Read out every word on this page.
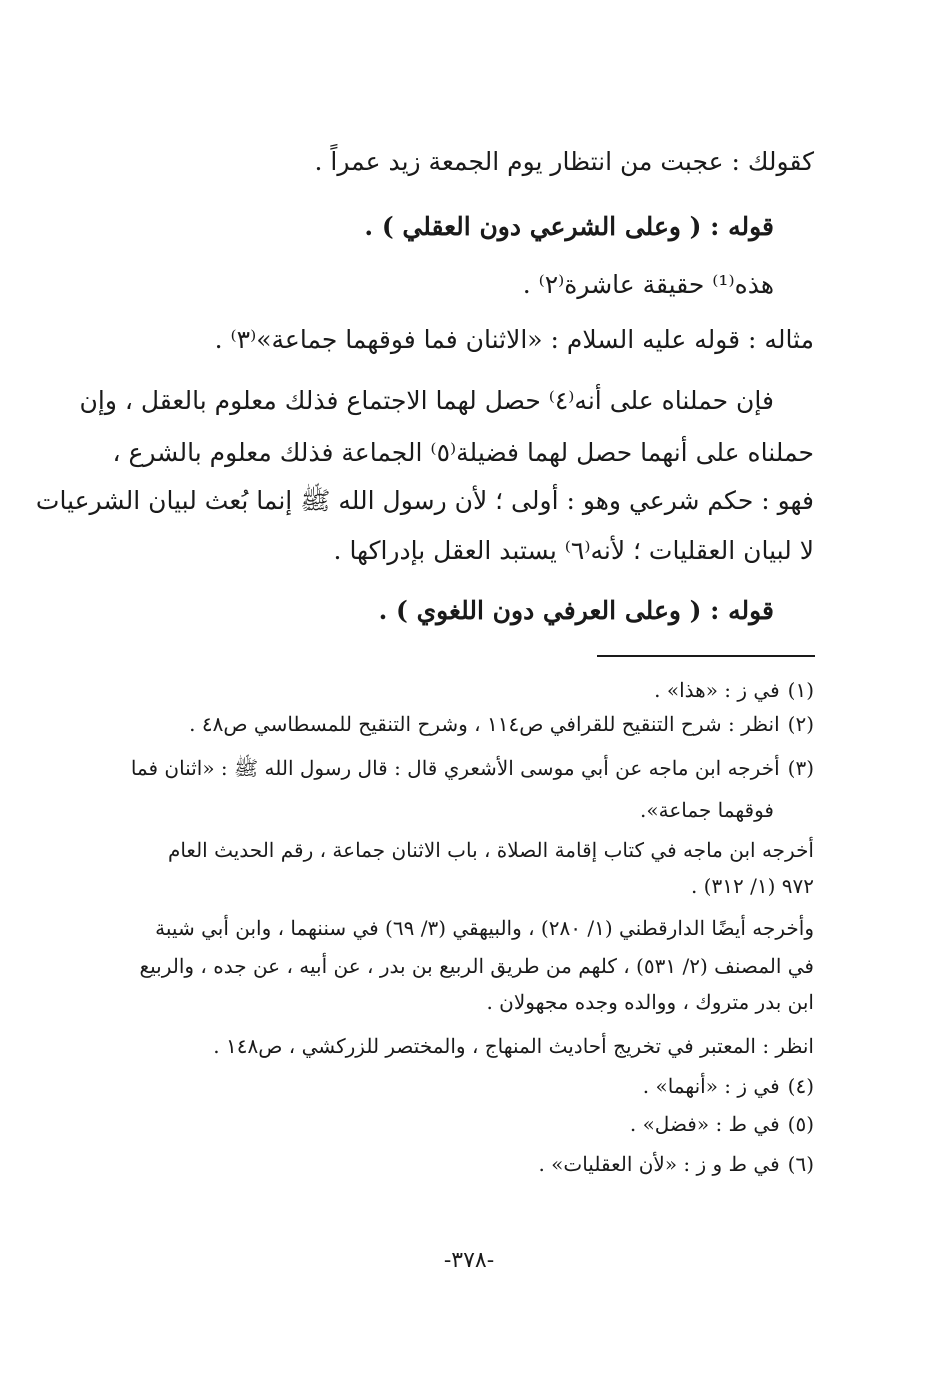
كقولك : عجبت من انتظار يوم الجمعة زيد عمراً .
قوله : ( وعلى الشرعي دون العقلي ) .
هذه⁽¹⁾ حقيقة عاشرة⁽٢⁾ .
مثاله : قوله عليه السلام : «الاثنان فما فوقهما جماعة»⁽٣⁾ .
فإن حملناه على أنه⁽٤⁾ حصل لهما الاجتماع فذلك معلوم بالعقل ، وإن
حملناه على أنهما حصل لهما فضيلة⁽٥⁾ الجماعة فذلك معلوم بالشرع ،
فهو : حكم شرعي وهو : أولى ؛ لأن رسول الله ﷺ إنما بُعث لبيان الشرعيات
لا لبيان العقليات ؛ لأنه⁽٦⁾ يستبد العقل بإدراكها .
قوله : ( وعلى العرفي دون اللغوي ) .
(١) في ز : «هذا» .
(٢) انظر : شرح التنقيح للقرافي ص١١٤ ، وشرح التنقيح للمسطاسي ص٤٨ .
(٣) أخرجه ابن ماجه عن أبي موسى الأشعري قال : قال رسول الله ﷺ : «اثنان فما
فوقهما جماعة».
أخرجه ابن ماجه في كتاب إقامة الصلاة ، باب الاثنان جماعة ، رقم الحديث العام
٩٧٢ (١/ ٣١٢) .
وأخرجه أيضًا الدارقطني (١/ ٢٨٠) ، والبيهقي (٣/ ٦٩) في سننهما ، وابن أبي شيبة
في المصنف (٢/ ٥٣١) ، كلهم من طريق الربيع بن بدر ، عن أبيه ، عن جده ، والربيع
ابن بدر متروك ، ووالده وجده مجهولان .
انظر : المعتبر في تخريج أحاديث المنهاج ، والمختصر للزركشي ، ص١٤٨ .
(٤) في ز : «أنهما» .
(٥) في ط : «فضل» .
(٦) في ط و ز : «لأن العقليات» .
-٣٧٨-
